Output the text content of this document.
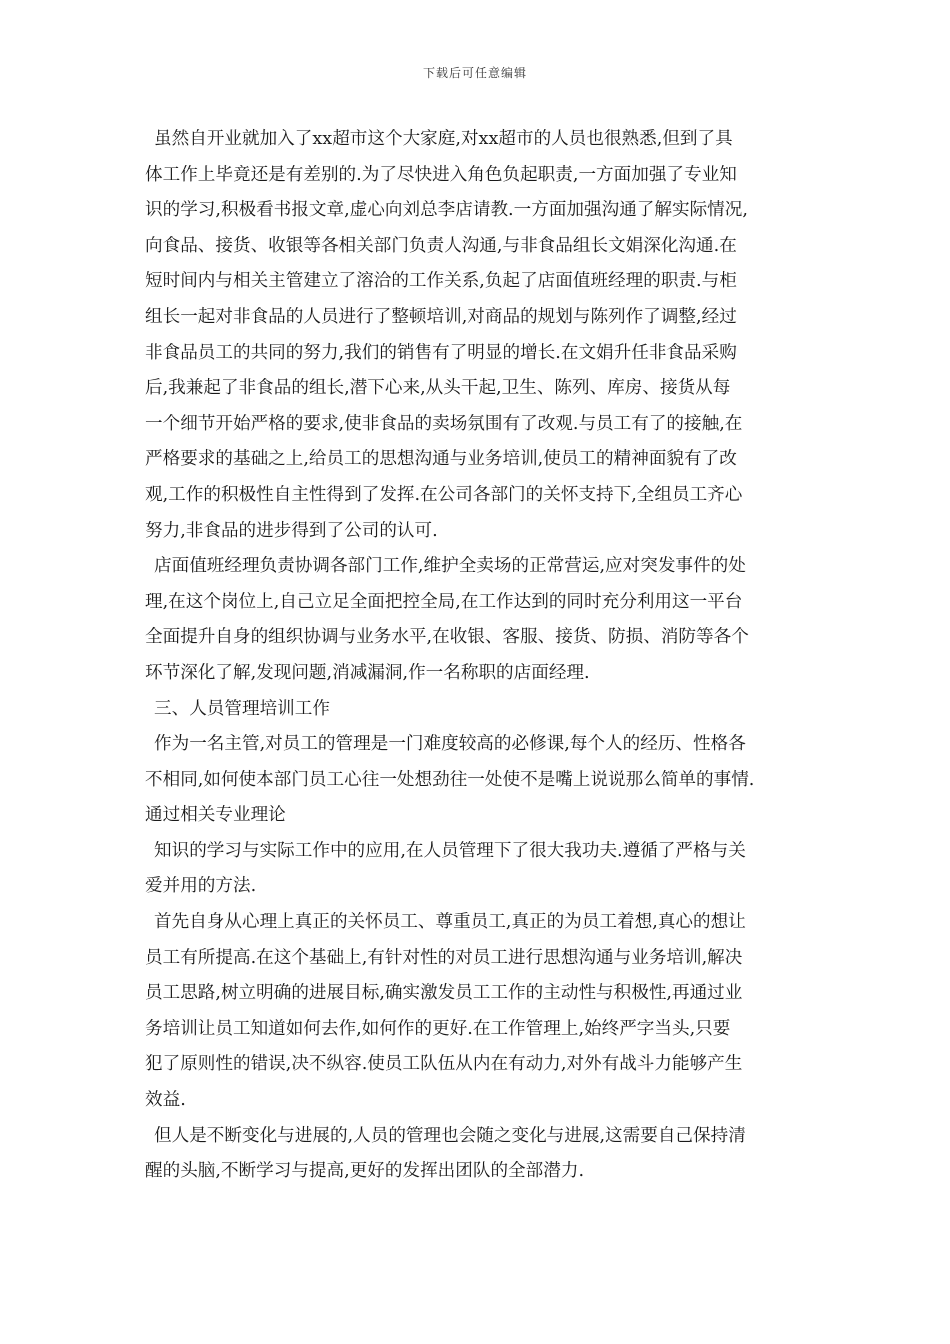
下载后可任意编辑
虽然自开业就加入了xx超市这个大家庭,对xx超市的人员也很熟悉,但到了具
体工作上毕竟还是有差别的.为了尽快进入角色负起职责,一方面加强了专业知
识的学习,积极看书报文章,虚心向刘总李店请教.一方面加强沟通了解实际情况,
向食品、接货、收银等各相关部门负责人沟通,与非食品组长文娟深化沟通.在
短时间内与相关主管建立了溶洽的工作关系,负起了店面值班经理的职责.与柜
组长一起对非食品的人员进行了整顿培训,对商品的规划与陈列作了调整,经过
非食品员工的共同的努力,我们的销售有了明显的增长.在文娟升任非食品采购
后,我兼起了非食品的组长,潜下心来,从头干起,卫生、陈列、库房、接货从每
一个细节开始严格的要求,使非食品的卖场氛围有了改观.与员工有了的接触,在
严格要求的基础之上,给员工的思想沟通与业务培训,使员工的精神面貌有了改
观,工作的积极性自主性得到了发挥.在公司各部门的关怀支持下,全组员工齐心
努力,非食品的进步得到了公司的认可.
店面值班经理负责协调各部门工作,维护全卖场的正常营运,应对突发事件的处
理,在这个岗位上,自己立足全面把控全局,在工作达到的同时充分利用这一平台
全面提升自身的组织协调与业务水平,在收银、客服、接货、防损、消防等各个
环节深化了解,发现问题,消减漏洞,作一名称职的店面经理.
三、人员管理培训工作
作为一名主管,对员工的管理是一门难度较高的必修课,每个人的经历、性格各
不相同,如何使本部门员工心往一处想劲往一处使不是嘴上说说那么简单的事情.
通过相关专业理论
知识的学习与实际工作中的应用,在人员管理下了很大我功夫.遵循了严格与关
爱并用的方法.
首先自身从心理上真正的关怀员工、尊重员工,真正的为员工着想,真心的想让
员工有所提高.在这个基础上,有针对性的对员工进行思想沟通与业务培训,解决
员工思路,树立明确的进展目标,确实激发员工工作的主动性与积极性,再通过业
务培训让员工知道如何去作,如何作的更好.在工作管理上,始终严字当头,只要
犯了原则性的错误,决不纵容.使员工队伍从内在有动力,对外有战斗力能够产生
效益.
但人是不断变化与进展的,人员的管理也会随之变化与进展,这需要自己保持清
醒的头脑,不断学习与提高,更好的发挥出团队的全部潜力.
